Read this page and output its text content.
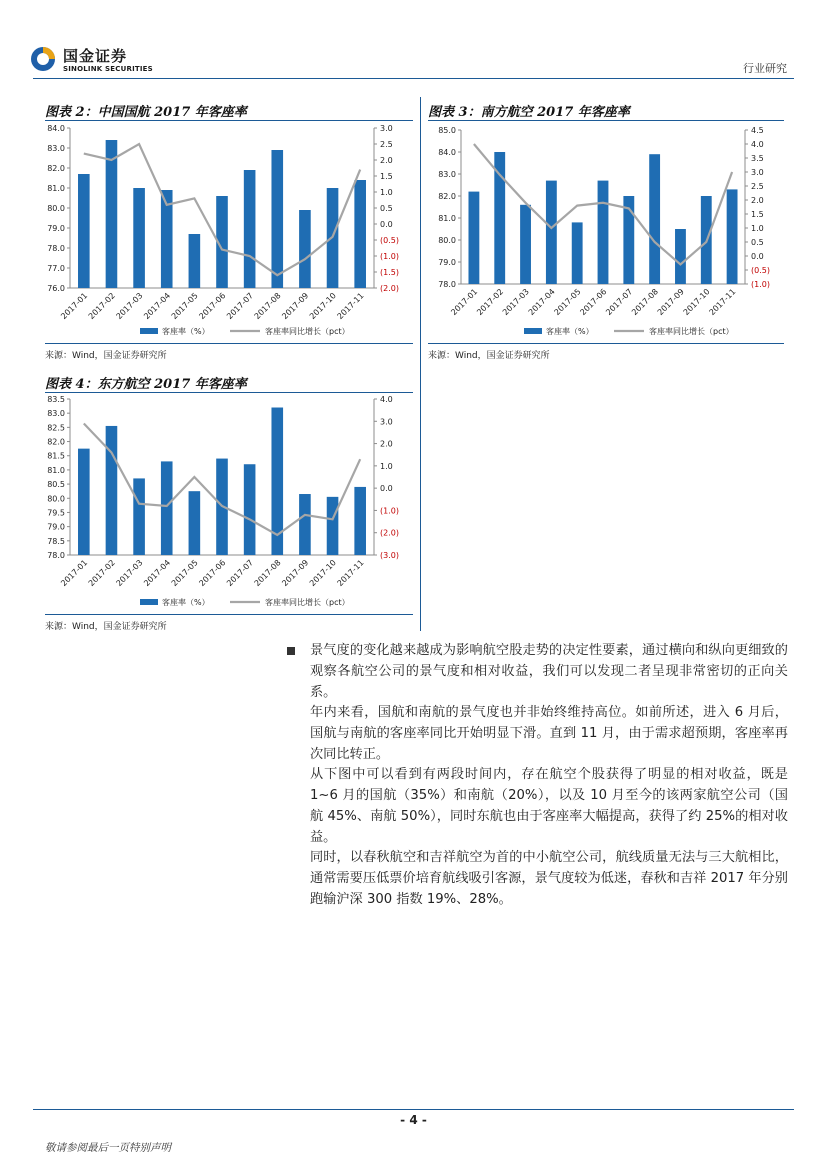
国金证券
SINOLINK SECURITIES	行业研究
图表 2：中国国航 2017 年客座率
76.0
77.0
78.0
79.0
80.0
81.0
82.0
83.0
84.0
(2.0)
(1.5)
(1.0)
(0.5)
0.0
0.5
1.0
1.5
2.0
2.5
3.0
2017-01
2017-02
2017-03
2017-04
2017-05
2017-06
2017-07
2017-08
2017-09
2017-10
2017-11
客座率（%）	客座率同比增长（pct）
来源：Wind，国金证券研究所
图表 3：南方航空 2017 年客座率
78.0
79.0
80.0
81.0
82.0
83.0
84.0
85.0
(1.0)
(0.5)
0.0
0.5
1.0
1.5
2.0
2.5
3.0
3.5
4.0
4.5
2017-01
2017-02
2017-03
2017-04
2017-05
2017-06
2017-07
2017-08
2017-09
2017-10
2017-11
客座率（%）	客座率同比增长（pct）
来源：Wind，国金证券研究所
图表 4：东方航空 2017 年客座率
78.0
78.5
79.0
79.5
80.0
80.5
81.0
81.5
82.0
82.5
83.0
83.5
(3.0)
(2.0)
(1.0)
0.0
1.0
2.0
3.0
4.0
2017-01
2017-02
2017-03
2017-04
2017-05
2017-06
2017-07
2017-08
2017-09
2017-10
2017-11
客座率（%）	客座率同比增长（pct）
来源：Wind，国金证券研究所
景气度的变化越来越成为影响航空股走势的决定性要素，通过横向和纵向更细致的观察各航空公司的景气度和相对收益，我们可以发现二者呈现非常密切的正向关系。
年内来看，国航和南航的景气度也并非始终维持高位。如前所述，进入 6 月后，国航与南航的客座率同比开始明显下滑。直到 11 月，由于需求超预期，客座率再次同比转正。
从下图中可以看到有两段时间内，存在航空个股获得了明显的相对收益，既是 1~6 月的国航（35%）和南航（20%），以及 10 月至今的该两家航空公司（国航 45%、南航 50%），同时东航也由于客座率大幅提高，获得了约 25%的相对收益。
同时，以春秋航空和吉祥航空为首的中小航空公司，航线质量无法与三大航相比，通常需要压低票价培育航线吸引客源，景气度较为低迷，春秋和吉祥 2017 年分别跑输沪深 300 指数 19%、28%。
- 4 -
敬请参阅最后一页特别声明
